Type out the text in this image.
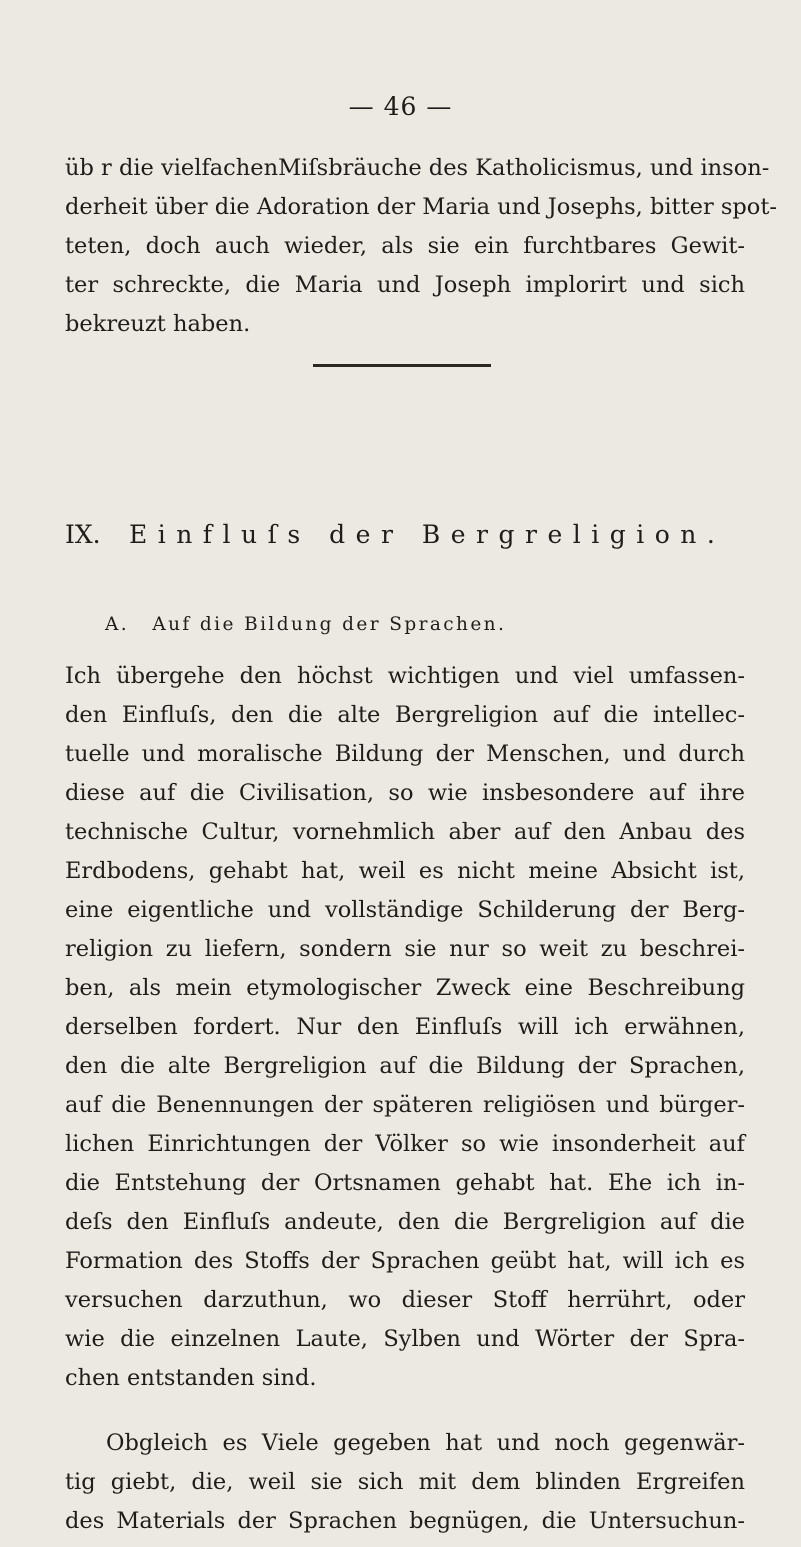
— 46 —
üb r die vielfachenMiſsbräuche des Katholicismus, und inson-
derheit über die Adoration der Maria und Josephs, bitter spot-
teten, doch auch wieder, als sie ein furchtbares Gewit-
ter schreckte, die Maria und Joseph implorirt und sich
bekreuzt haben.
IX. Einfluſs der Bergreligion.
A. Auf die Bildung der Sprachen.
Ich übergehe den höchst wichtigen und viel umfassen-
den Einfluſs, den die alte Bergreligion auf die intellec-
tuelle und moralische Bildung der Menschen, und durch
diese auf die Civilisation, so wie insbesondere auf ihre
technische Cultur, vornehmlich aber auf den Anbau des
Erdbodens, gehabt hat, weil es nicht meine Absicht ist,
eine eigentliche und vollständige Schilderung der Berg-
religion zu liefern, sondern sie nur so weit zu beschrei-
ben, als mein etymologischer Zweck eine Beschreibung
derselben fordert. Nur den Einfluſs will ich erwähnen,
den die alte Bergreligion auf die Bildung der Sprachen,
auf die Benennungen der späteren religiösen und bürger-
lichen Einrichtungen der Völker so wie insonderheit auf
die Entstehung der Ortsnamen gehabt hat. Ehe ich in-
deſs den Einfluſs andeute, den die Bergreligion auf die
Formation des Stoffs der Sprachen geübt hat, will ich es
versuchen darzuthun, wo dieser Stoff herrührt, oder
wie die einzelnen Laute, Sylben und Wörter der Spra-
chen entstanden sind.
Obgleich es Viele gegeben hat und noch gegenwär-
tig giebt, die, weil sie sich mit dem blinden Ergreifen
des Materials der Sprachen begnügen, die Untersuchun-
